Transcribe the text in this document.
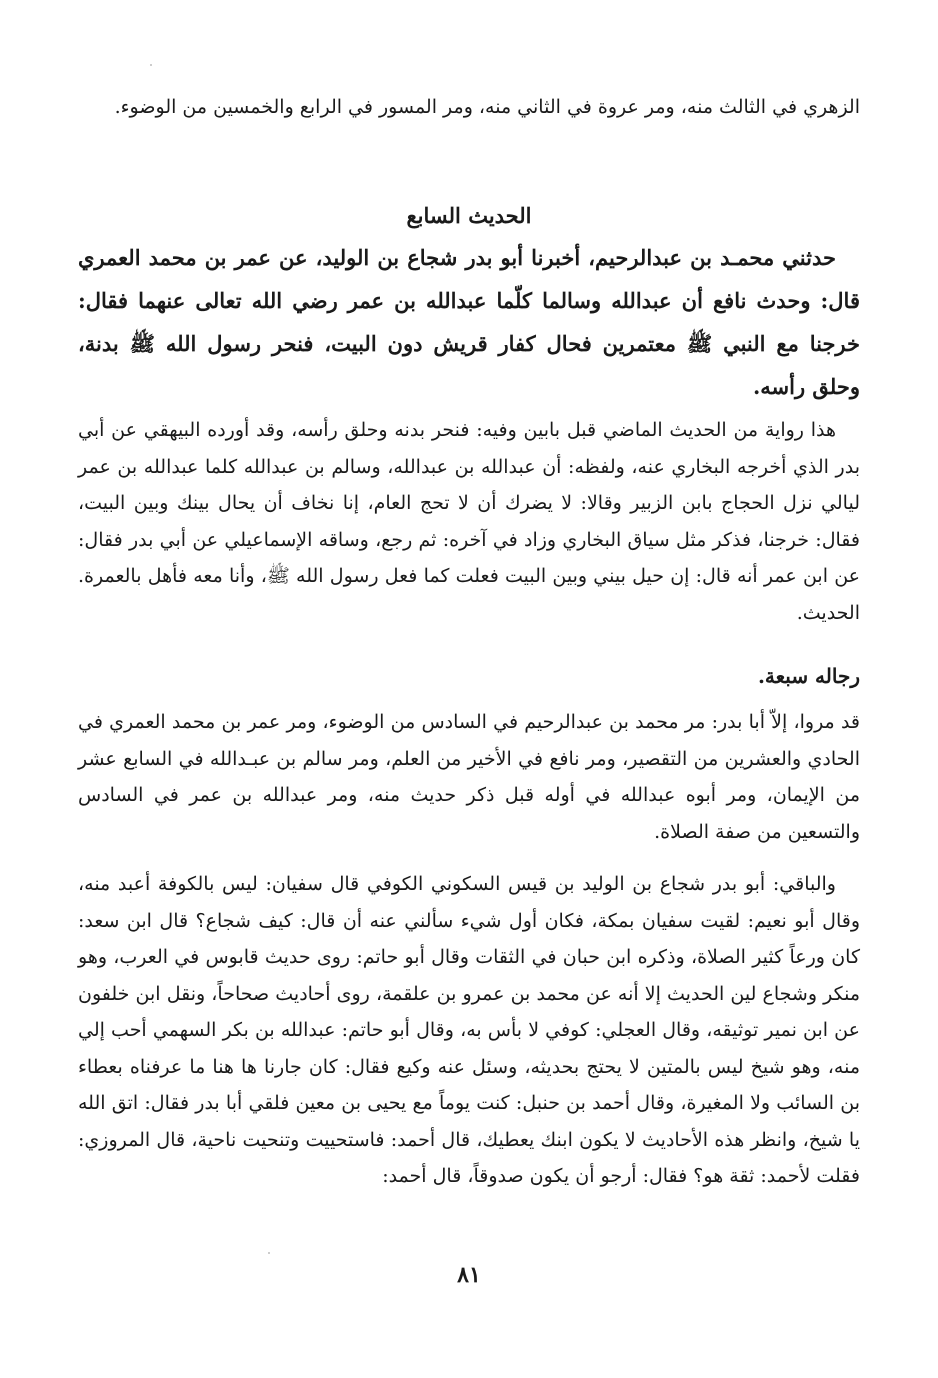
الزهري في الثالث منه، ومر عروة في الثاني منه، ومر المسور في الرابع والخمسين من الوضوء.
الحديث السابع
حدثني محمـد بن عبدالرحيم، أخبرنا أبو بدر شجاع بن الوليد، عن عمر بن محمد العمري قال: وحدث نافع أن عبدالله وسالما كلّما عبدالله بن عمر رضي الله تعالى عنهما فقال: خرجنا مع النبي ﷺ معتمرين فحال كفار قريش دون البيت، فنحر رسول الله ﷺ بدنة، وحلق رأسه.
هذا رواية من الحديث الماضي قبل بابين وفيه: فنحر بدنه وحلق رأسه، وقد أورده البيهقي عن أبي بدر الذي أخرجه البخاري عنه، ولفظه: أن عبدالله بن عبدالله، وسالم بن عبدالله كلما عبدالله بن عمر ليالي نزل الحجاج بابن الزبير وقالا: لا يضرك أن لا تحج العام، إنا نخاف أن يحال بينك وبين البيت، فقال: خرجنا، فذكر مثل سياق البخاري وزاد في آخره: ثم رجع، وساقه الإسماعيلي عن أبي بدر فقال: عن ابن عمر أنه قال: إن حيل بيني وبين البيت فعلت كما فعل رسول الله ﷺ، وأنا معه فأهل بالعمرة. الحديث.
رجاله سبعة.
قد مروا، إلاّ أبا بدر: مر محمد بن عبدالرحيم في السادس من الوضوء، ومر عمر بن محمد العمري في الحادي والعشرين من التقصير، ومر نافع في الأخير من العلم، ومر سالم بن عبـدالله في السابع عشر من الإيمان، ومر أبوه عبدالله في أوله قبل ذكر حديث منه، ومر عبدالله بن عمر في السادس والتسعين من صفة الصلاة.
والباقي: أبو بدر شجاع بن الوليد بن قيس السكوني الكوفي قال سفيان: ليس بالكوفة أعبد منه، وقال أبو نعيم: لقيت سفيان بمكة، فكان أول شيء سألني عنه أن قال: كيف شجاع؟ قال ابن سعد: كان ورعاً كثير الصلاة، وذكره ابن حبان في الثقات وقال أبو حاتم: روى حديث قابوس في العرب، وهو منكر وشجاع لين الحديث إلا أنه عن محمد بن عمرو بن علقمة، روى أحاديث صحاحاً، ونقل ابن خلفون عن ابن نمير توثيقه، وقال العجلي: كوفي لا بأس به، وقال أبو حاتم: عبدالله بن بكر السهمي أحب إلي منه، وهو شيخ ليس بالمتين لا يحتج بحديثه، وسئل عنه وكيع فقال: كان جارنا ها هنا ما عرفناه بعطاء بن السائب ولا المغيرة، وقال أحمد بن حنبل: كنت يوماً مع يحيى بن معين فلقي أبا بدر فقال: اتق الله يا شيخ، وانظر هذه الأحاديث لا يكون ابنك يعطيك، قال أحمد: فاستحييت وتنحيت ناحية، قال المروزي: فقلت لأحمد: ثقة هو؟ فقال: أرجو أن يكون صدوقاً، قال أحمد:
٨١
